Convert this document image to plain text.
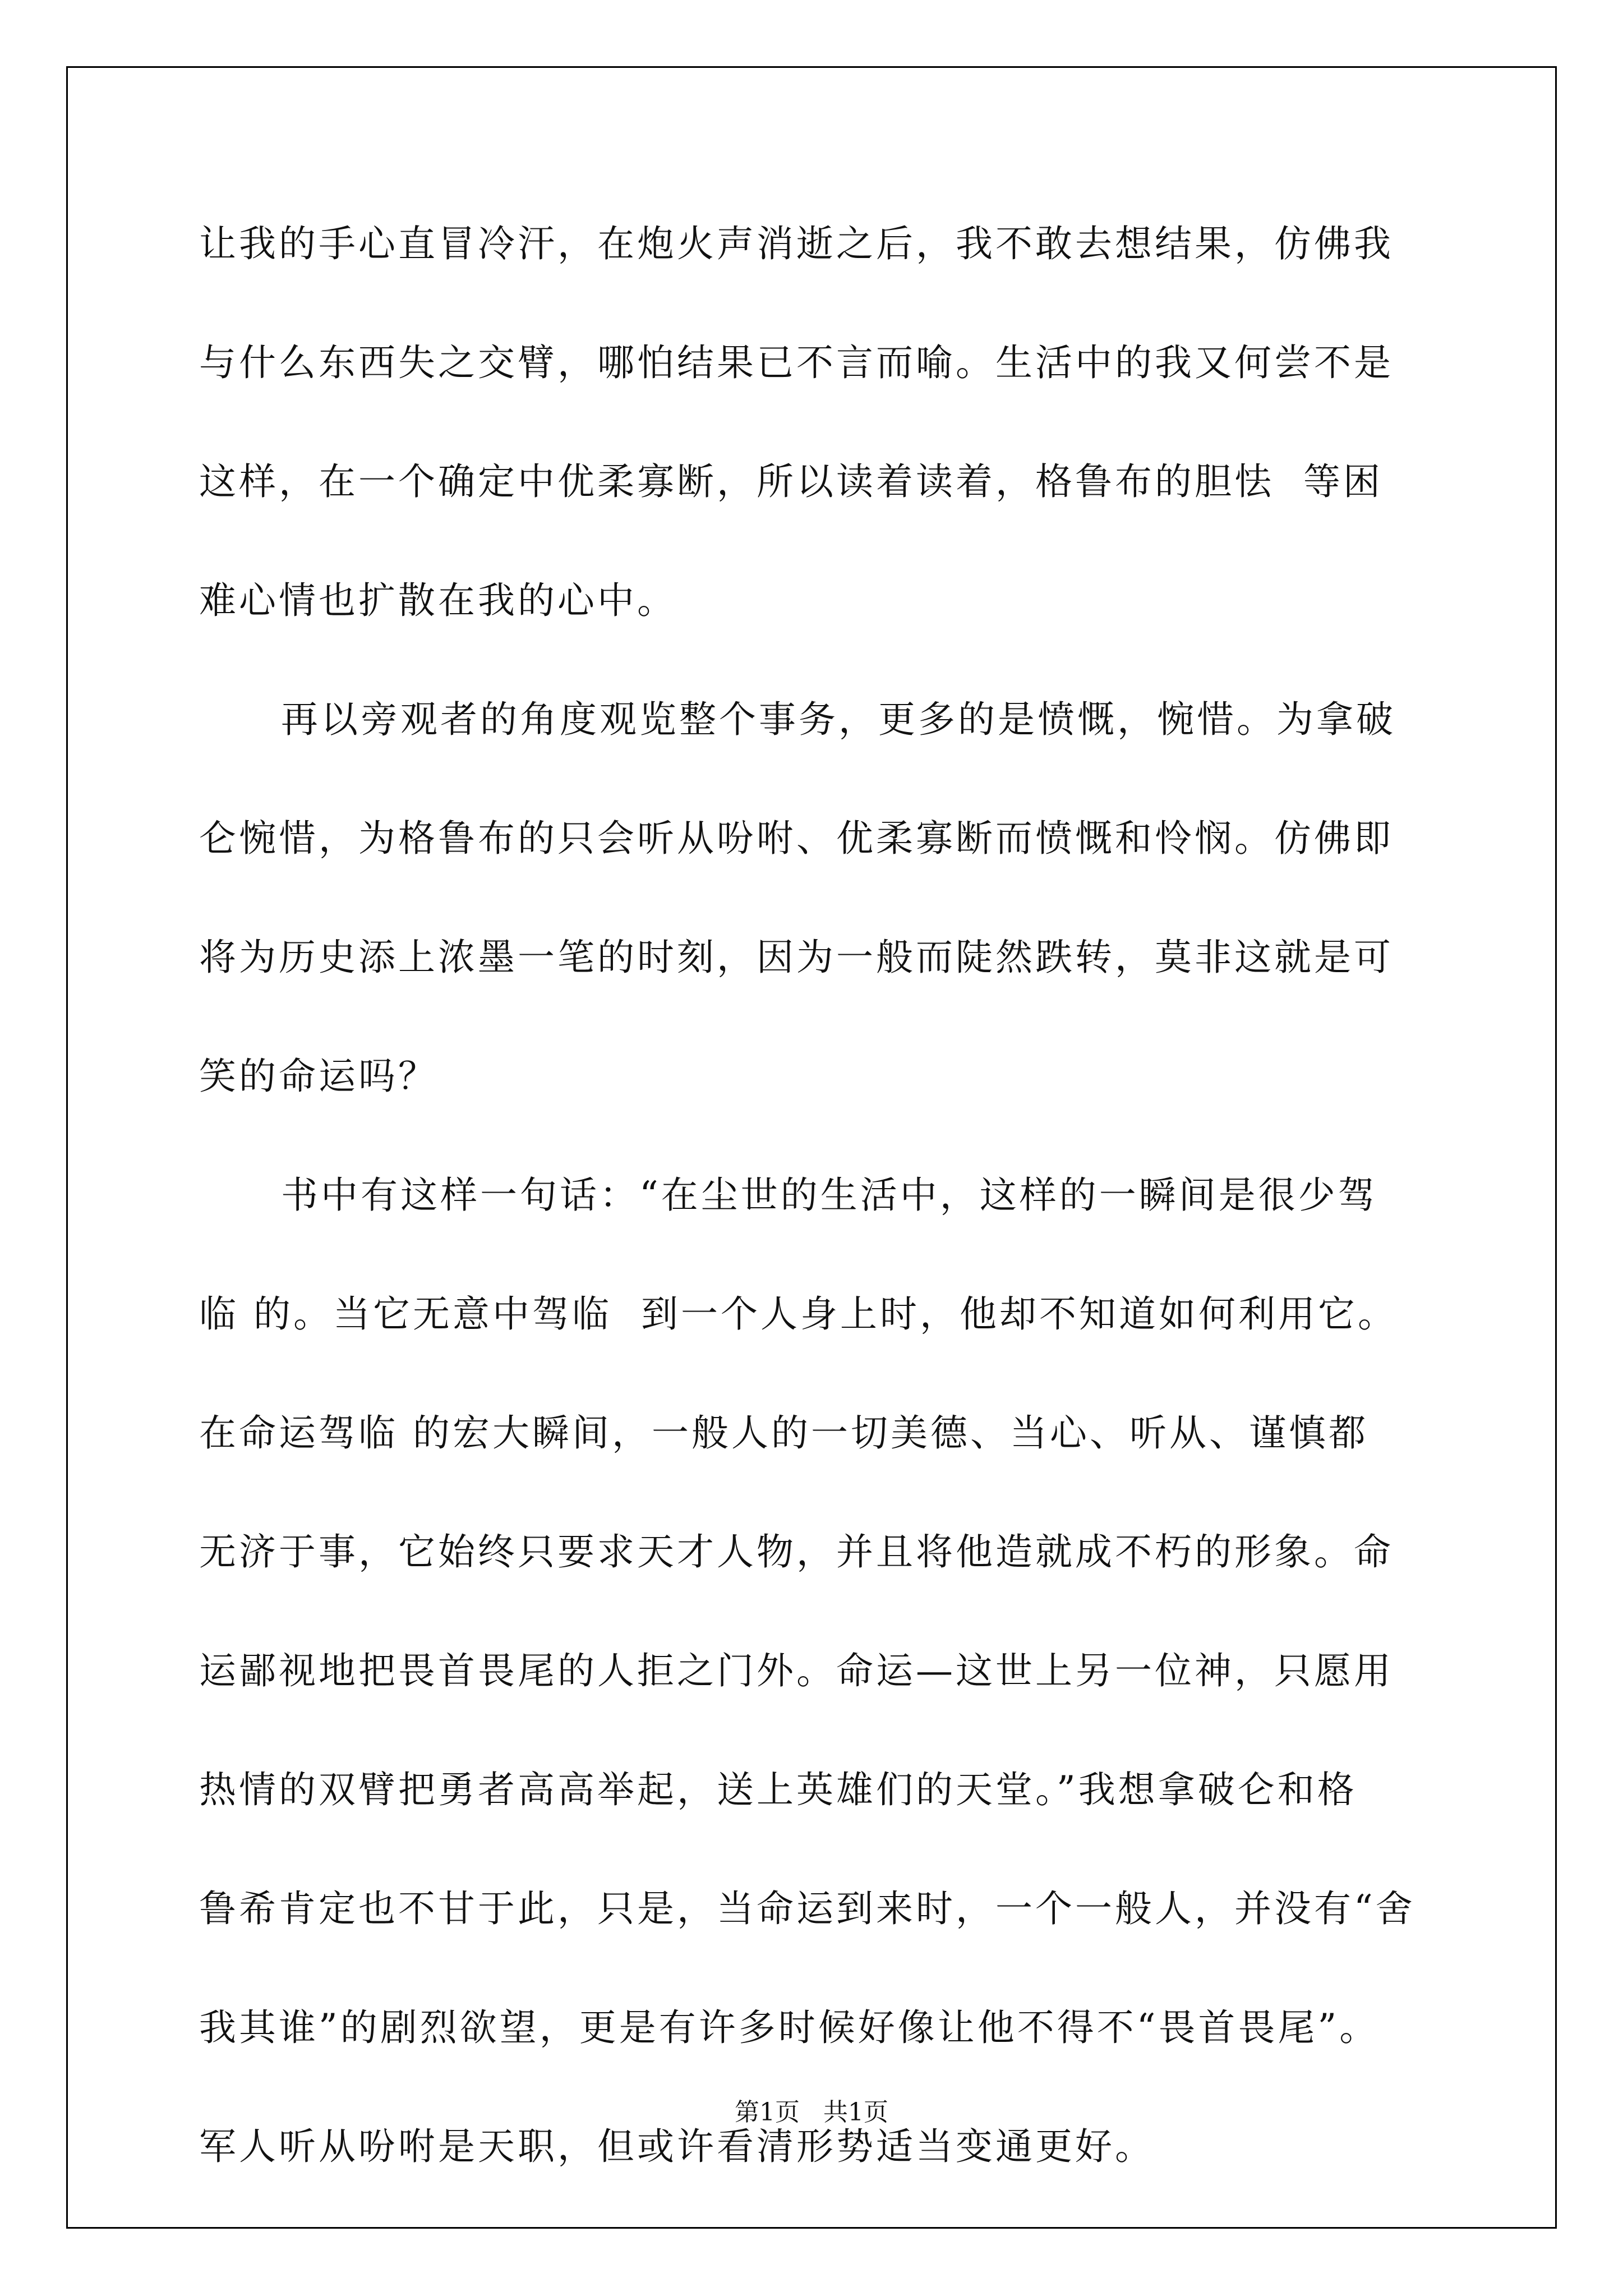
让我的手心直冒冷汗，在炮火声消逝之后，我不敢去想结果，仿佛我
与什么东西失之交臂，哪怕结果已不言而喻。生活中的我又何尝不是
这样，在一个确定中优柔寡断，所以读着读着，格鲁布的胆怯  等困
难心情也扩散在我的心中。
再以旁观者的角度观览整个事务，更多的是愤慨，惋惜。为拿破
仑惋惜，为格鲁布的只会听从吩咐、优柔寡断而愤慨和怜悯。仿佛即
将为历史添上浓墨一笔的时刻，因为一般而陡然跌转，莫非这就是可
笑的命运吗？
书中有这样一句话：“在尘世的生活中，这样的一瞬间是很少驾
临 的。当它无意中驾临  到一个人身上时，他却不知道如何利用它。
在命运驾临 的宏大瞬间，一般人的一切美德、当心、听从、谨慎都
无济于事，它始终只要求天才人物，并且将他造就成不朽的形象。命
运鄙视地把畏首畏尾的人拒之门外。命运—这世上另一位神，只愿用
热情的双臂把勇者高高举起，送上英雄们的天堂。”我想拿破仑和格
鲁希肯定也不甘于此，只是，当命运到来时，一个一般人，并没有“舍
我其谁”的剧烈欲望，更是有许多时候好像让他不得不“畏首畏尾”。
军人听从吩咐是天职，但或许看清形势适当变通更好。
第1页   共1页
